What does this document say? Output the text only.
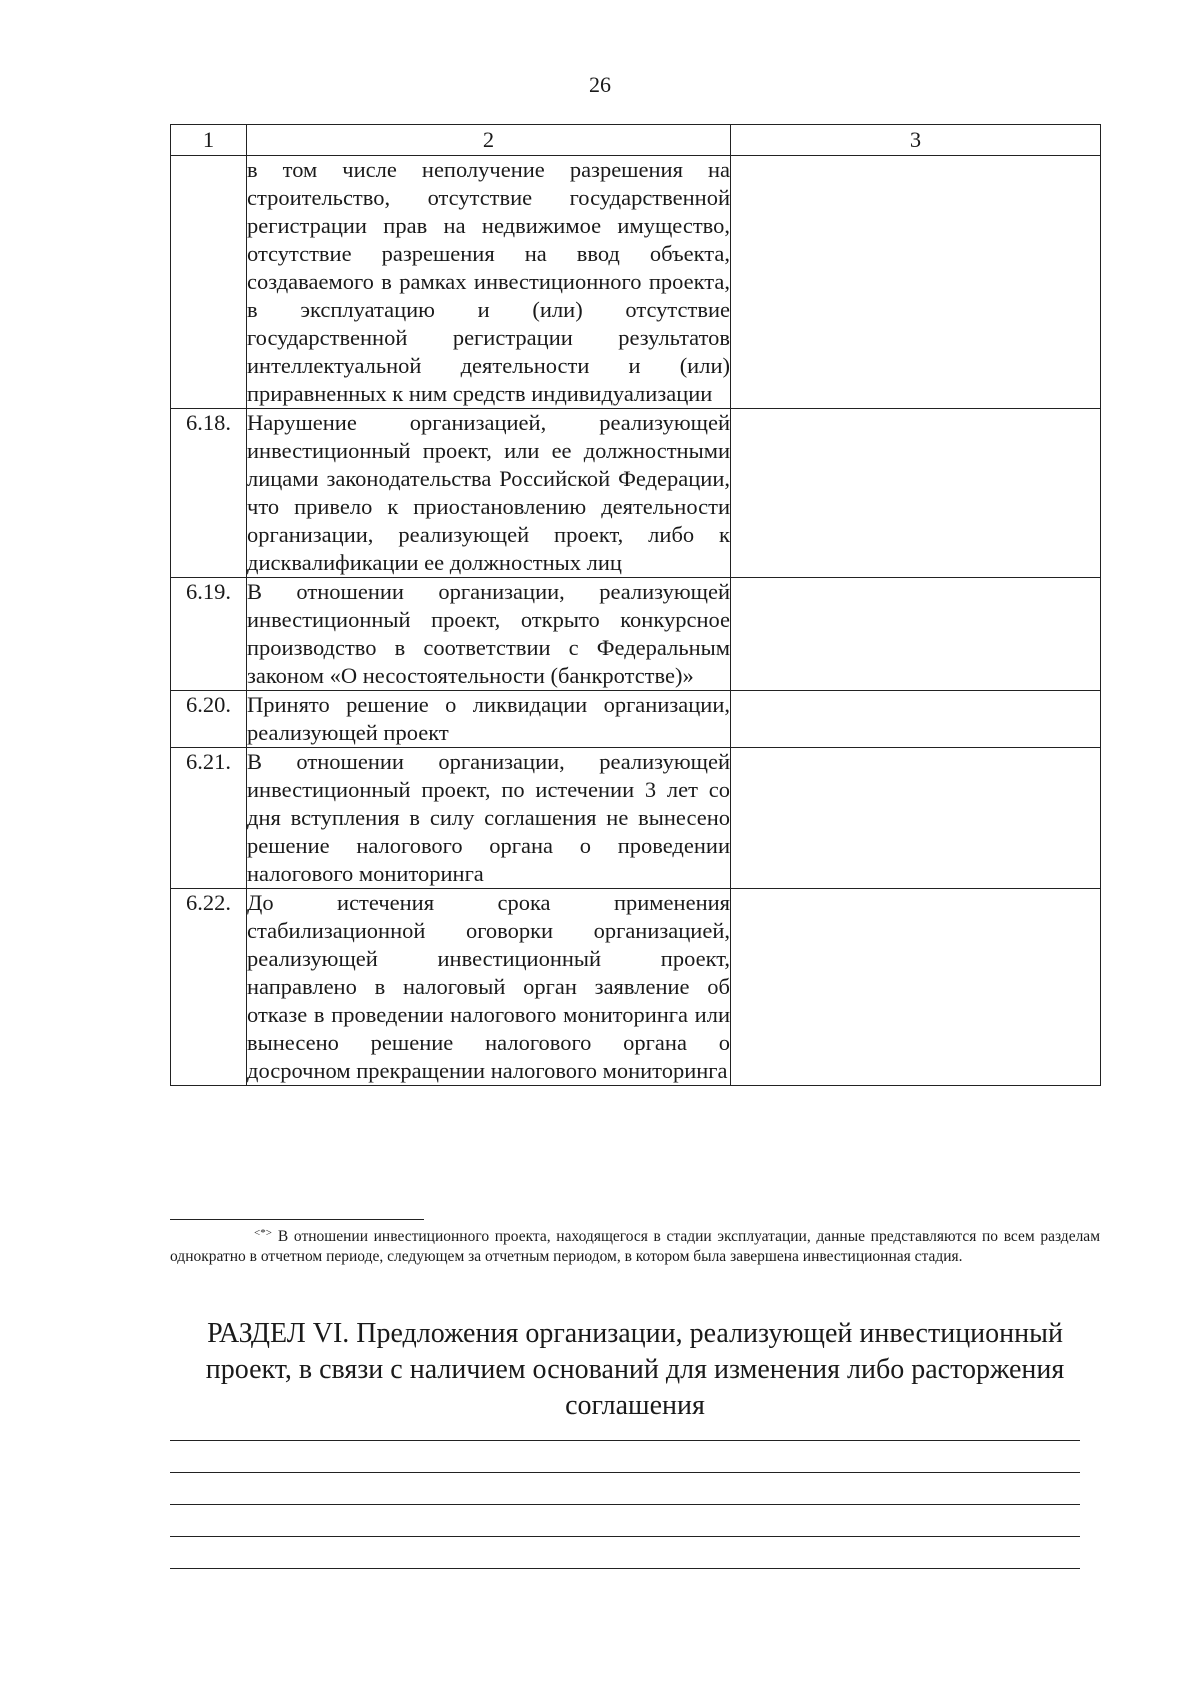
26
1	2	3
	в том числе неполучение разрешения на строительство, отсутствие государственной регистрации прав на недвижимое имущество, отсутствие разрешения на ввод объекта, создаваемого в рамках инвестиционного проекта, в эксплуатацию и (или) отсутствие государственной регистрации результатов интеллектуальной деятельности и (или) приравненных к ним средств индивидуализации	
6.18.	Нарушение организацией, реализующей инвестиционный проект, или ее должностными лицами законодательства Российской Федерации, что привело к приостановлению деятельности организации, реализующей проект, либо к дисквалификации ее должностных лиц	
6.19.	В отношении организации, реализующей инвестиционный проект, открыто конкурсное производство в соответствии с Федеральным законом «О несостоятельности (банкротстве)»	
6.20.	Принято решение о ликвидации организации, реализующей проект	
6.21.	В отношении организации, реализующей инвестиционный проект, по истечении 3 лет со дня вступления в силу соглашения не вынесено решение налогового органа о проведении налогового мониторинга	
6.22.	До истечения срока применения стабилизационной оговорки организацией, реализующей инвестиционный проект, направлено в налоговый орган заявление об отказе в проведении налогового мониторинга или вынесено решение налогового органа о досрочном прекращении налогового мониторинга	
<*> В отношении инвестиционного проекта, находящегося в стадии эксплуатации, данные представляются по всем разделам однократно в отчетном периоде, следующем за отчетным периодом, в котором была завершена инвестиционная стадия.
РАЗДЕЛ VI. Предложения организации, реализующей инвестиционный проект, в связи с наличием оснований для изменения либо расторжения соглашения
